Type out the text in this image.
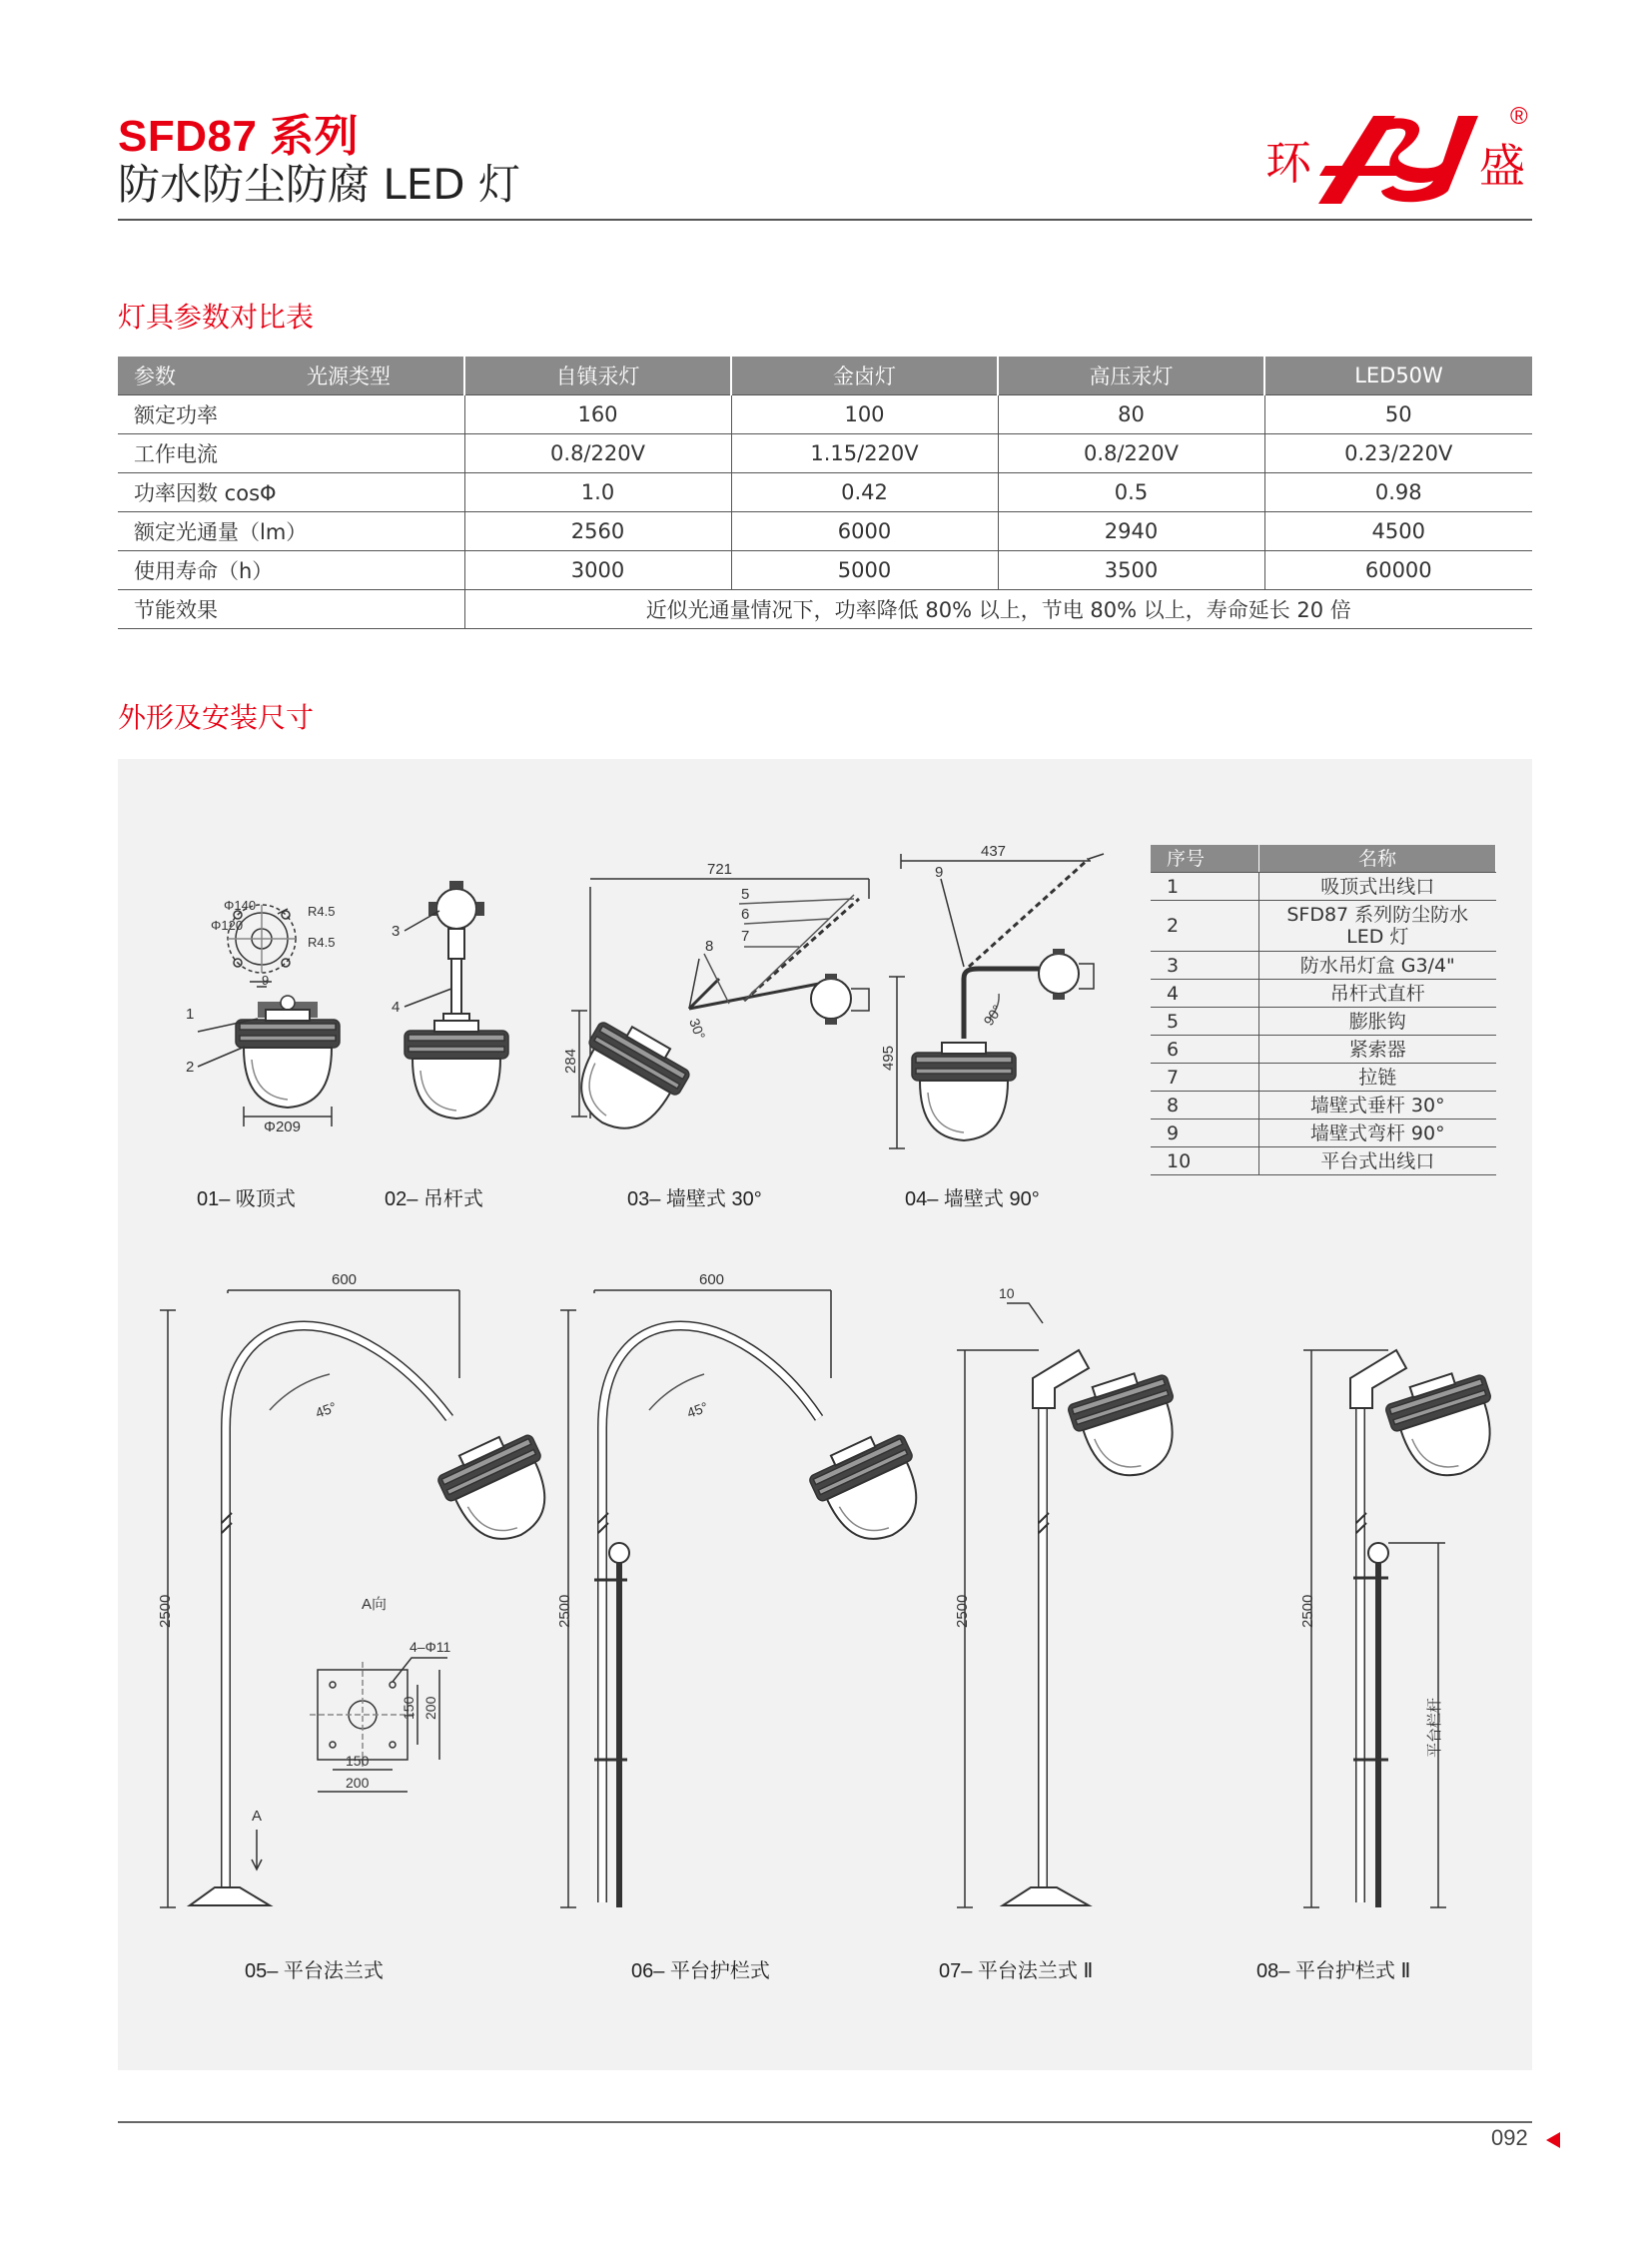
SFD87 系列
防水防尘防腐 LED 灯	环	盛
®
灯具参数对比表
参数	光源类型	自镇汞灯	金卤灯	高压汞灯	LED50W
额定功率		160	100	80	50
工作电流		0.8/220V	1.15/220V	0.8/220V	0.23/220V
功率因数 cosΦ		1.0	0.42	0.5	0.98
额定光通量（lm）		2560	6000	2940	4500
使用寿命（h）		3000	5000	3500	60000
节能效果		近似光通量情况下，功率降低 80% 以上，节电 80% 以上，寿命延长 20 倍			
外形及安装尺寸
Φ140
Φ120
R4.5
R4.5
9
1
2
Φ209
3
4
721
284
5
6
7
8
30°
437
495
9
90°
600
2500
45°
A向
4–Φ11
150 200
150
200
A
600
2500
45°
10
2500	2500
平台栏杆
01– 吸顶式	02– 吊杆式	03– 墙壁式 30°	04– 墙壁式 90°
05– 平台法兰式	06– 平台护栏式	07– 平台法兰式 Ⅱ	08– 平台护栏式 Ⅱ
序号	名称
1	吸顶式出线口
2	SFD87 系列防尘防水
LED 灯

3	防水吊灯盒 G3/4"
4	吊杆式直杆
5	膨胀钩
6	紧索器
7	拉链
8	墙壁式垂杆 30°
9	墙壁式弯杆 90°
10	平台式出线口
092
